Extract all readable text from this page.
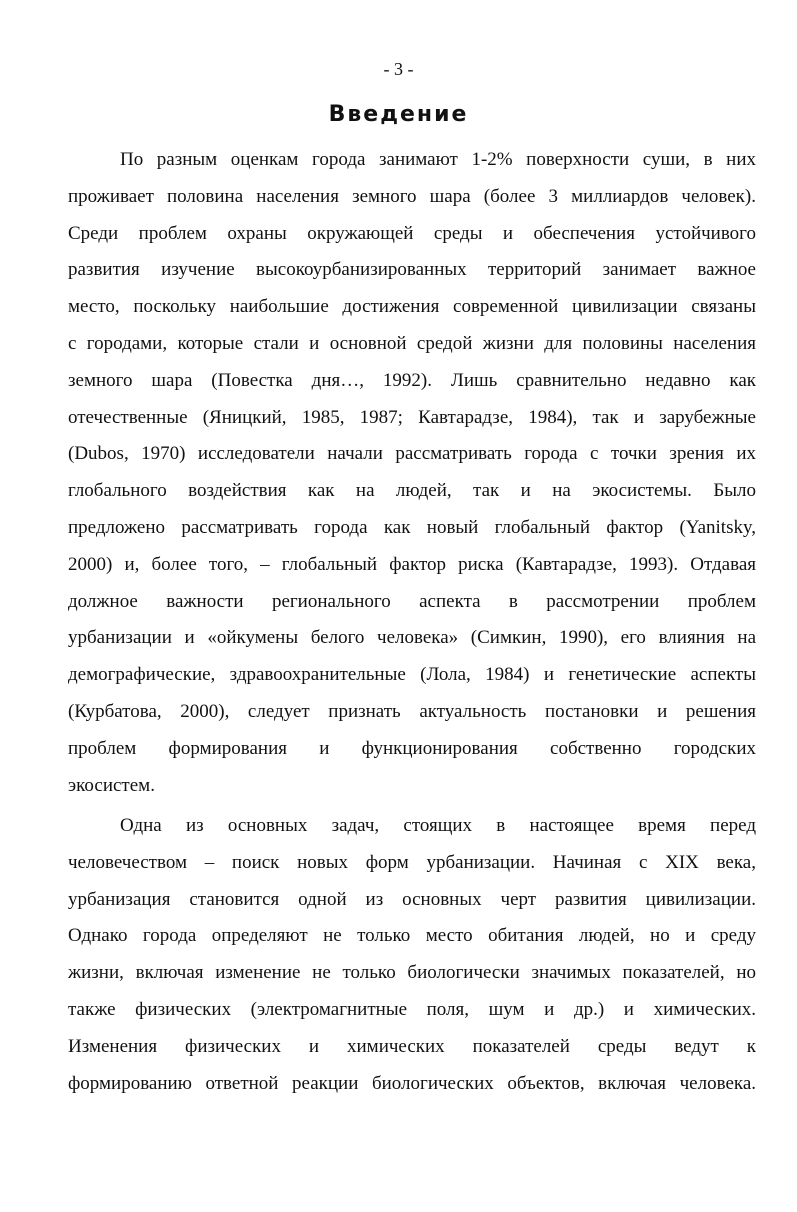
- 3 -
Введение
По разным оценкам города занимают 1-2% поверхности суши, в них
проживает половина населения земного шара (более 3 миллиардов человек).
Среди проблем охраны окружающей среды и обеспечения устойчивого
развития изучение высокоурбанизированных территорий занимает важное
место, поскольку наибольшие достижения современной цивилизации связаны
с городами, которые стали и основной средой жизни для половины населения
земного шара (Повестка дня…, 1992). Лишь сравнительно недавно как
отечественные (Яницкий, 1985, 1987; Кавтарадзе, 1984), так и зарубежные
(Dubos, 1970) исследователи начали рассматривать города с точки зрения их
глобального воздействия как на людей, так и на экосистемы. Было
предложено рассматривать города как новый глобальный фактор (Yanitsky,
2000) и, более того, – глобальный фактор риска (Кавтарадзе, 1993). Отдавая
должное важности регионального аспекта в рассмотрении проблем
урбанизации и «ойкумены белого человека» (Симкин, 1990), его влияния на
демографические, здравоохранительные (Лола, 1984) и генетические аспекты
(Курбатова, 2000), следует признать актуальность постановки и решения
проблем формирования и функционирования собственно городских
экосистем.
Одна из основных задач, стоящих в настоящее время перед
человечеством – поиск новых форм урбанизации. Начиная с XIX века,
урбанизация становится одной из основных черт развития цивилизации.
Однако города определяют не только место обитания людей, но и среду
жизни, включая изменение не только биологически значимых показателей, но
также физических (электромагнитные поля, шум и др.) и химических.
Изменения физических и химических показателей среды ведут к
формированию ответной реакции биологических объектов, включая человека.
